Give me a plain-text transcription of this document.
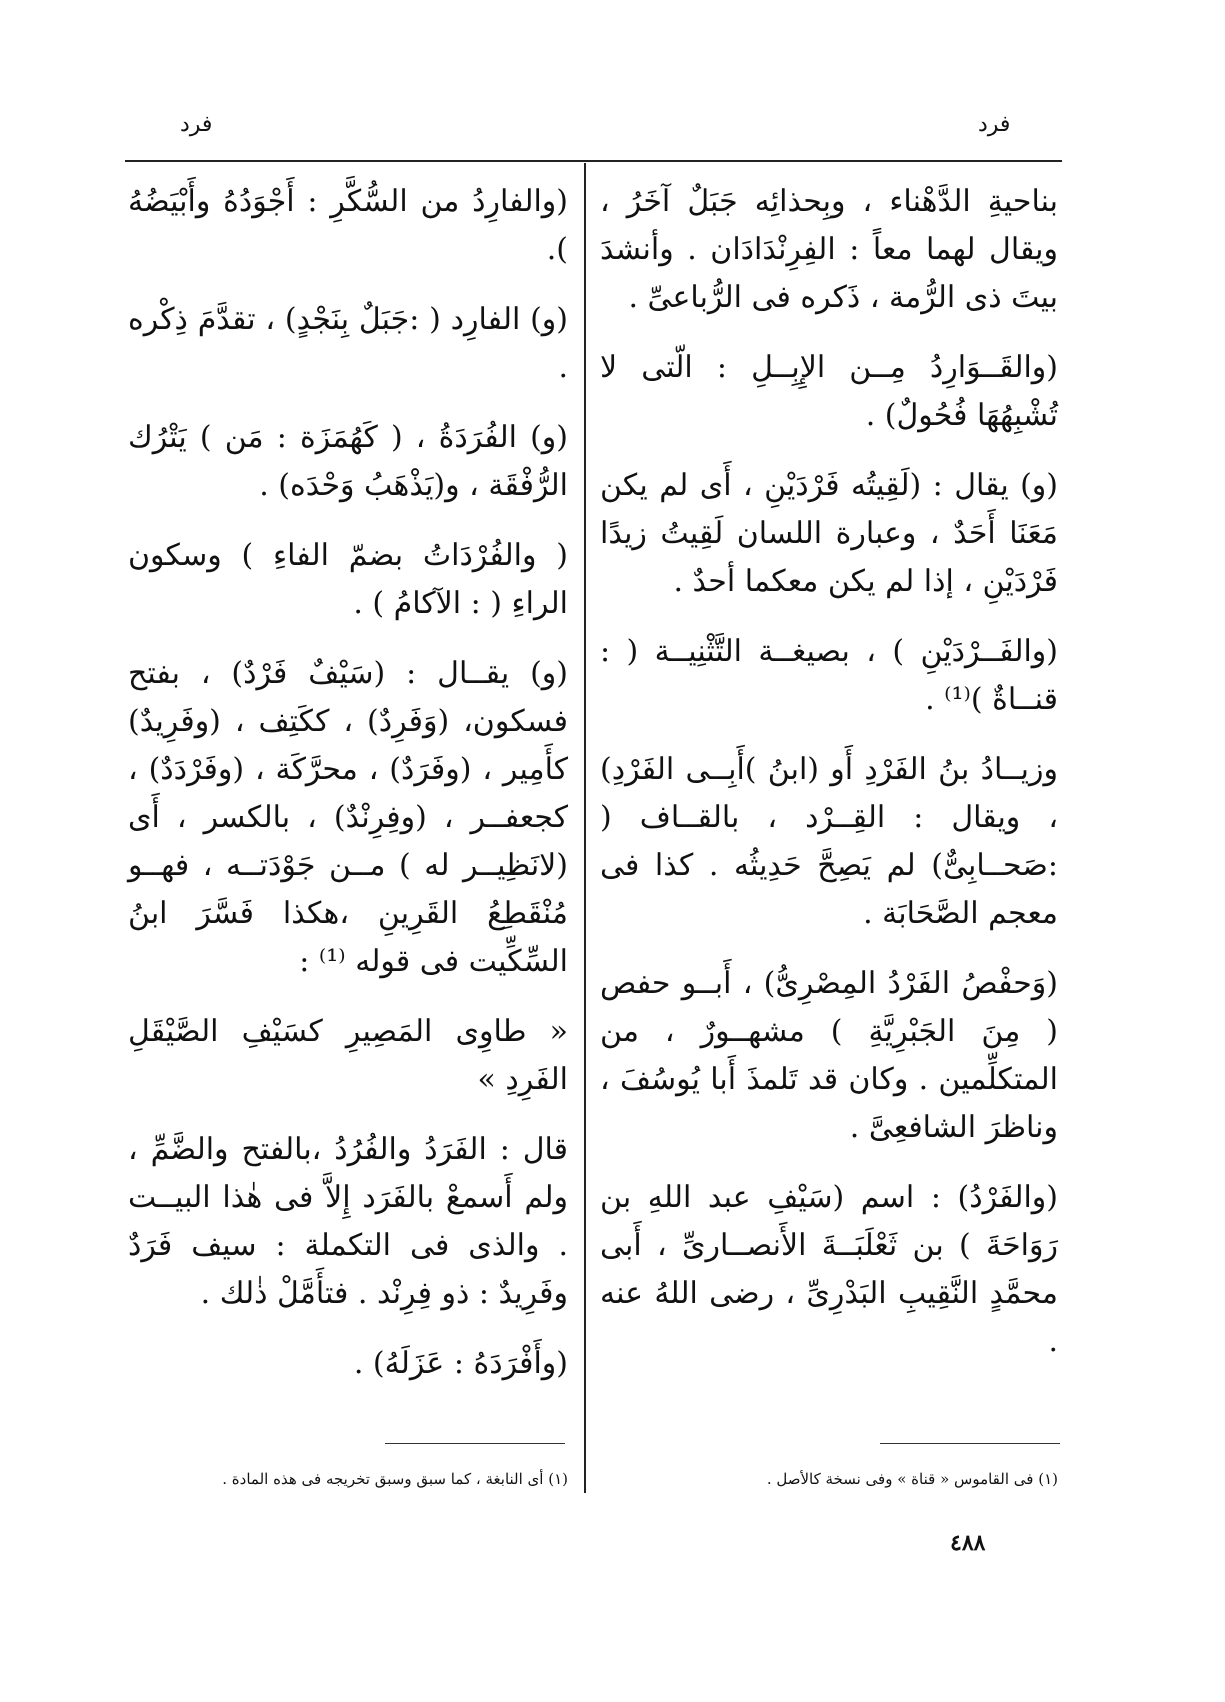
فرد
فرد

بناحيةِ الدَّهْناء ، وبِحذائِه جَبَلٌ آخَرُ ، ويقال لهما معاً : الفِرِنْدَادَان . وأنشدَ بيتَ ذى الرُّمة ، ذَكره فى الرُّباعىِّ .

(والقَــوَارِدُ مِــن الإِبِــلِ : الّتى لا تُشْبِهُهَا فُحُولٌ) .

(و) يقال : (لَقِيتُه فَرْدَيْنِ ، أَى لم يكن مَعَنَا أَحَدٌ ، وعبارة اللسان لَقِيتُ زيدًا فَرْدَيْنِ ، إذا لم يكن معكما أحدٌ .

(والفَــرْدَيْنِ ) ، بصيغــة التَّثْنِيــة ( : قنــاةٌ )⁽¹⁾ .

وزيــادُ بنُ الفَرْدِ أَو (ابنُ )أَبِــى الفَرْدِ) ، ويقال : القِــرْد ، بالقــاف ( :صَحــابِىٌّ) لم يَصِحَّ حَدِيثُه . كذا فى معجم الصَّحَابَة .

(وَحفْصُ الفَرْدُ المِصْرِىُّ) ، أَبــو حفص ( مِنَ الجَبْرِيَّةِ ) مشهــورٌ ، من المتكلِّمين . وكان قد تَلمذَ أَبا يُوسُفَ ، وناظرَ الشافعِىَّ .

(والفَرْدُ) : اسم (سَيْفِ عبد اللهِ بن رَوَاحَةَ ) بن ثَعْلَبَــةَ الأَنصــارىِّ ، أَبى محمَّدٍ النَّقِيبِ البَدْرِىِّ ، رضى اللهُ عنه .

(والفارِدُ من السُّكَّرِ : أَجْوَدُهُ وأَبْيَضُهُ ).

(و) الفارِد ( :جَبَلٌ بِنَجْدٍ) ، تقدَّمَ ذِكْره .

(و) الفُرَدَةُ ، ( كَهُمَزَة : مَن ) يَتْرُك الرُّفْقَة ، و(يَذْهَبُ وَحْدَه) .

( والفُرْدَاتُ بضمّ الفاءِ ) وسكون الراءِ ( : الآكامُ ) .

(و) يقــال : (سَيْفٌ فَرْدٌ) ، بفتح فسكون، (وَفَرِدٌ) ، ككَتِف ، (وفَرِيدٌ) كأَمِير ، (وفَرَدٌ) ، محرَّكَة ، (وفَرْدَدٌ) ، كجعفــر ، (وفِرِنْدٌ) ، بالكسر ، أَى (لانَظِيــر له ) مــن جَوْدَتــه ، فهــو مُنْقَطِعُ القَرِينِ ،هكذا فَسَّرَ ابنُ السِّكِّيت فى قوله ⁽¹⁾ :

« طاوِى المَصِيرِ كسَيْفِ الصَّيْقَلِ الفَرِدِ »

قال : الفَرَدُ والفُرُدُ ،بالفتح والضَّمِّ ، ولم أَسمعْ بالفَرَد إِلاَّ فى هٰذا البيــت . والذى فى التكملة : سيف فَرَدٌ وفَرِيدٌ : ذو فِرِنْد . فتأَمَّلْ ذٰلك .

(وأَفْرَدَهُ : عَزَلَهُ) .

(١) فى القاموس « قناة » وفى نسخة كالأصل .
(١) أى النابغة ، كما سبق وسبق تخريجه فى هذه المادة .
٤٨٨
